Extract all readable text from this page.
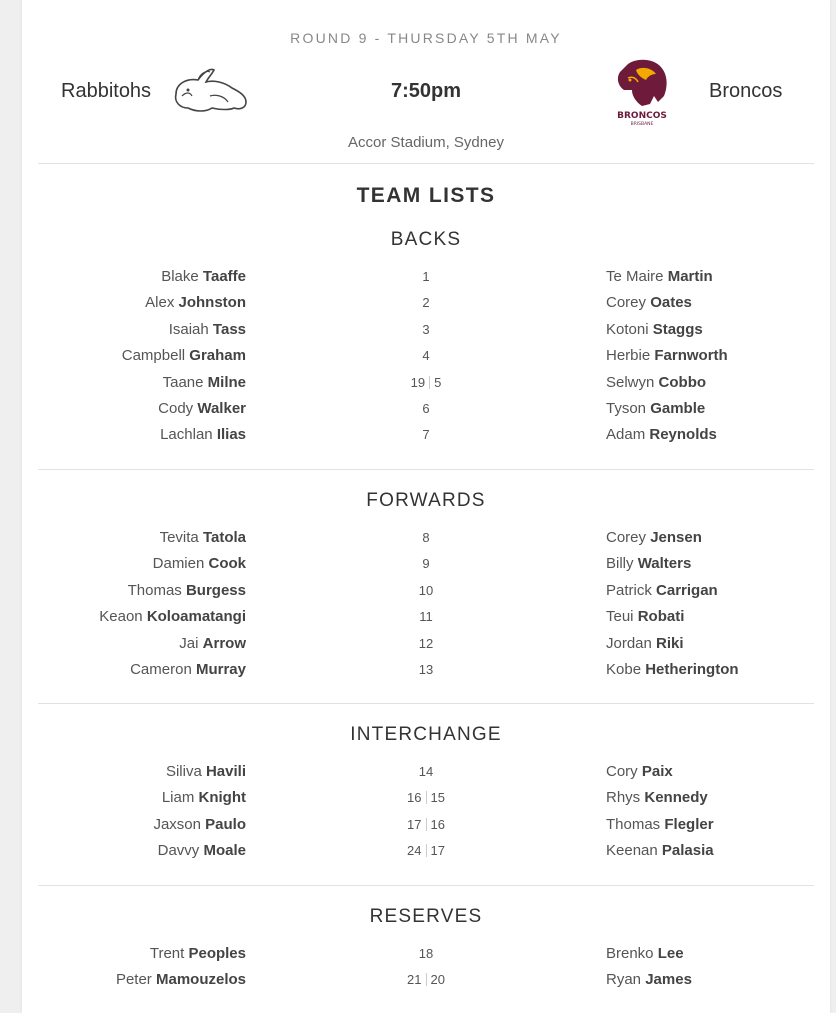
ROUND 9 - THURSDAY 5TH MAY
Rabbitohs	7:50pm
BRONCOS
BRISBANE
Broncos
Accor Stadium, Sydney
TEAM LISTS
BACKS
Blake Taaffe	1	Te Maire Martin
Alex Johnston	2	Corey Oates
Isaiah Tass	3	Kotoni Staggs
Campbell Graham	4	Herbie Farnworth
Taane Milne	19 5	Selwyn Cobbo
Cody Walker	6	Tyson Gamble
Lachlan Ilias	7	Adam Reynolds
FORWARDS
Tevita Tatola	8	Corey Jensen
Damien Cook	9	Billy Walters
Thomas Burgess	10	Patrick Carrigan
Keaon Koloamatangi	11	Teui Robati
Jai Arrow	12	Jordan Riki
Cameron Murray	13	Kobe Hetherington
INTERCHANGE
Siliva Havili	14	Cory Paix
Liam Knight	16 15	Rhys Kennedy
Jaxson Paulo	17 16	Thomas Flegler
Davvy Moale	24 17	Keenan Palasia
RESERVES
Trent Peoples	18	Brenko Lee
Peter Mamouzelos	21 20	Ryan James
